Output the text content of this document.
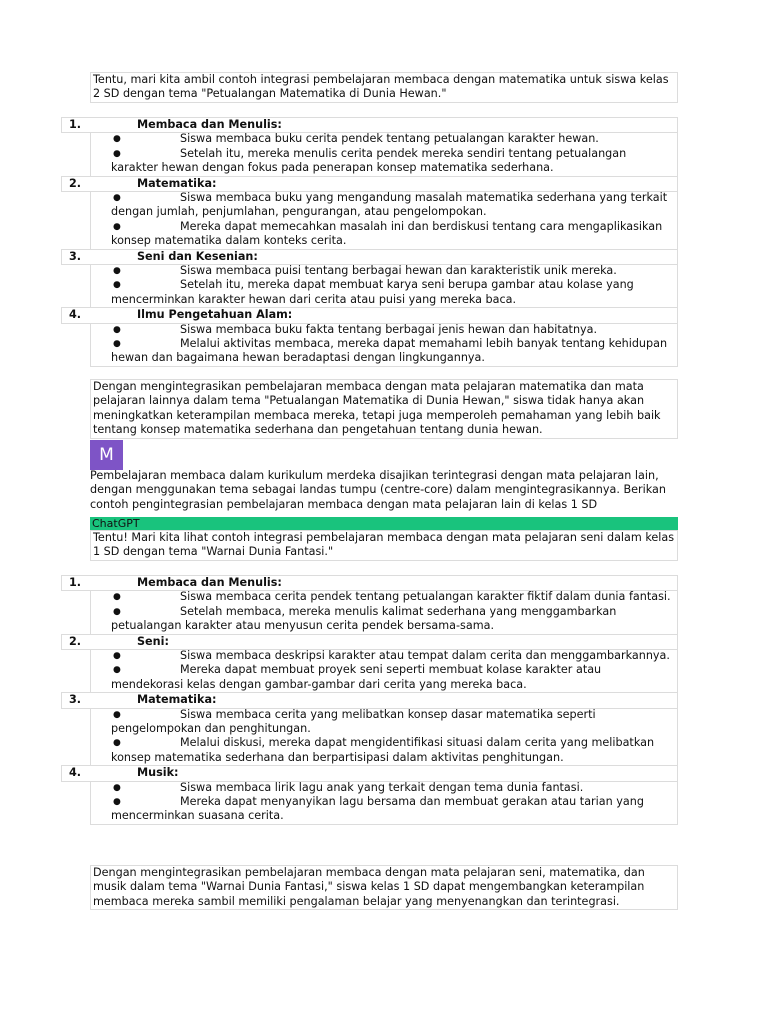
Tentu, mari kita ambil contoh integrasi pembelajaran membaca dengan matematika untuk siswa kelas 2 SD dengan tema "Petualangan Matematika di Dunia Hewan."
1.	Membaca dan Menulis:
●	Siswa membaca buku cerita pendek tentang petualangan karakter hewan.
●	Setelah itu, mereka menulis cerita pendek mereka sendiri tentang petualangan karakter hewan dengan fokus pada penerapan konsep matematika sederhana.
2.	Matematika:
●	Siswa membaca buku yang mengandung masalah matematika sederhana yang terkait dengan jumlah, penjumlahan, pengurangan, atau pengelompokan.
●	Mereka dapat memecahkan masalah ini dan berdiskusi tentang cara mengaplikasikan konsep matematika dalam konteks cerita.
3.	Seni dan Kesenian:
●	Siswa membaca puisi tentang berbagai hewan dan karakteristik unik mereka.
●	Setelah itu, mereka dapat membuat karya seni berupa gambar atau kolase yang mencerminkan karakter hewan dari cerita atau puisi yang mereka baca.
4.	Ilmu Pengetahuan Alam:
●	Siswa membaca buku fakta tentang berbagai jenis hewan dan habitatnya.
●	Melalui aktivitas membaca, mereka dapat memahami lebih banyak tentang kehidupan hewan dan bagaimana hewan beradaptasi dengan lingkungannya.
Dengan mengintegrasikan pembelajaran membaca dengan mata pelajaran matematika dan mata pelajaran lainnya dalam tema "Petualangan Matematika di Dunia Hewan," siswa tidak hanya akan meningkatkan keterampilan membaca mereka, tetapi juga memperoleh pemahaman yang lebih baik tentang konsep matematika sederhana dan pengetahuan tentang dunia hewan.
M
Pembelajaran membaca dalam kurikulum merdeka disajikan terintegrasi dengan mata pelajaran lain, dengan menggunakan tema sebagai landas tumpu (centre-core) dalam mengintegrasikannya. Berikan contoh pengintegrasian pembelajaran membaca dengan mata pelajaran lain di kelas 1 SD
ChatGPT
Tentu! Mari kita lihat contoh integrasi pembelajaran membaca dengan mata pelajaran seni dalam kelas 1 SD dengan tema "Warnai Dunia Fantasi."
1.	Membaca dan Menulis:
●	Siswa membaca cerita pendek tentang petualangan karakter fiktif dalam dunia fantasi.
●	Setelah membaca, mereka menulis kalimat sederhana yang menggambarkan petualangan karakter atau menyusun cerita pendek bersama-sama.
2.	Seni:
●	Siswa membaca deskripsi karakter atau tempat dalam cerita dan menggambarkannya.
●	Mereka dapat membuat proyek seni seperti membuat kolase karakter atau mendekorasi kelas dengan gambar-gambar dari cerita yang mereka baca.
3.	Matematika:
●	Siswa membaca cerita yang melibatkan konsep dasar matematika seperti pengelompokan dan penghitungan.
●	Melalui diskusi, mereka dapat mengidentifikasi situasi dalam cerita yang melibatkan konsep matematika sederhana dan berpartisipasi dalam aktivitas penghitungan.
4.	Musik:
●	Siswa membaca lirik lagu anak yang terkait dengan tema dunia fantasi.
●	Mereka dapat menyanyikan lagu bersama dan membuat gerakan atau tarian yang mencerminkan suasana cerita.
Dengan mengintegrasikan pembelajaran membaca dengan mata pelajaran seni, matematika, dan musik dalam tema "Warnai Dunia Fantasi," siswa kelas 1 SD dapat mengembangkan keterampilan membaca mereka sambil memiliki pengalaman belajar yang menyenangkan dan terintegrasi.
